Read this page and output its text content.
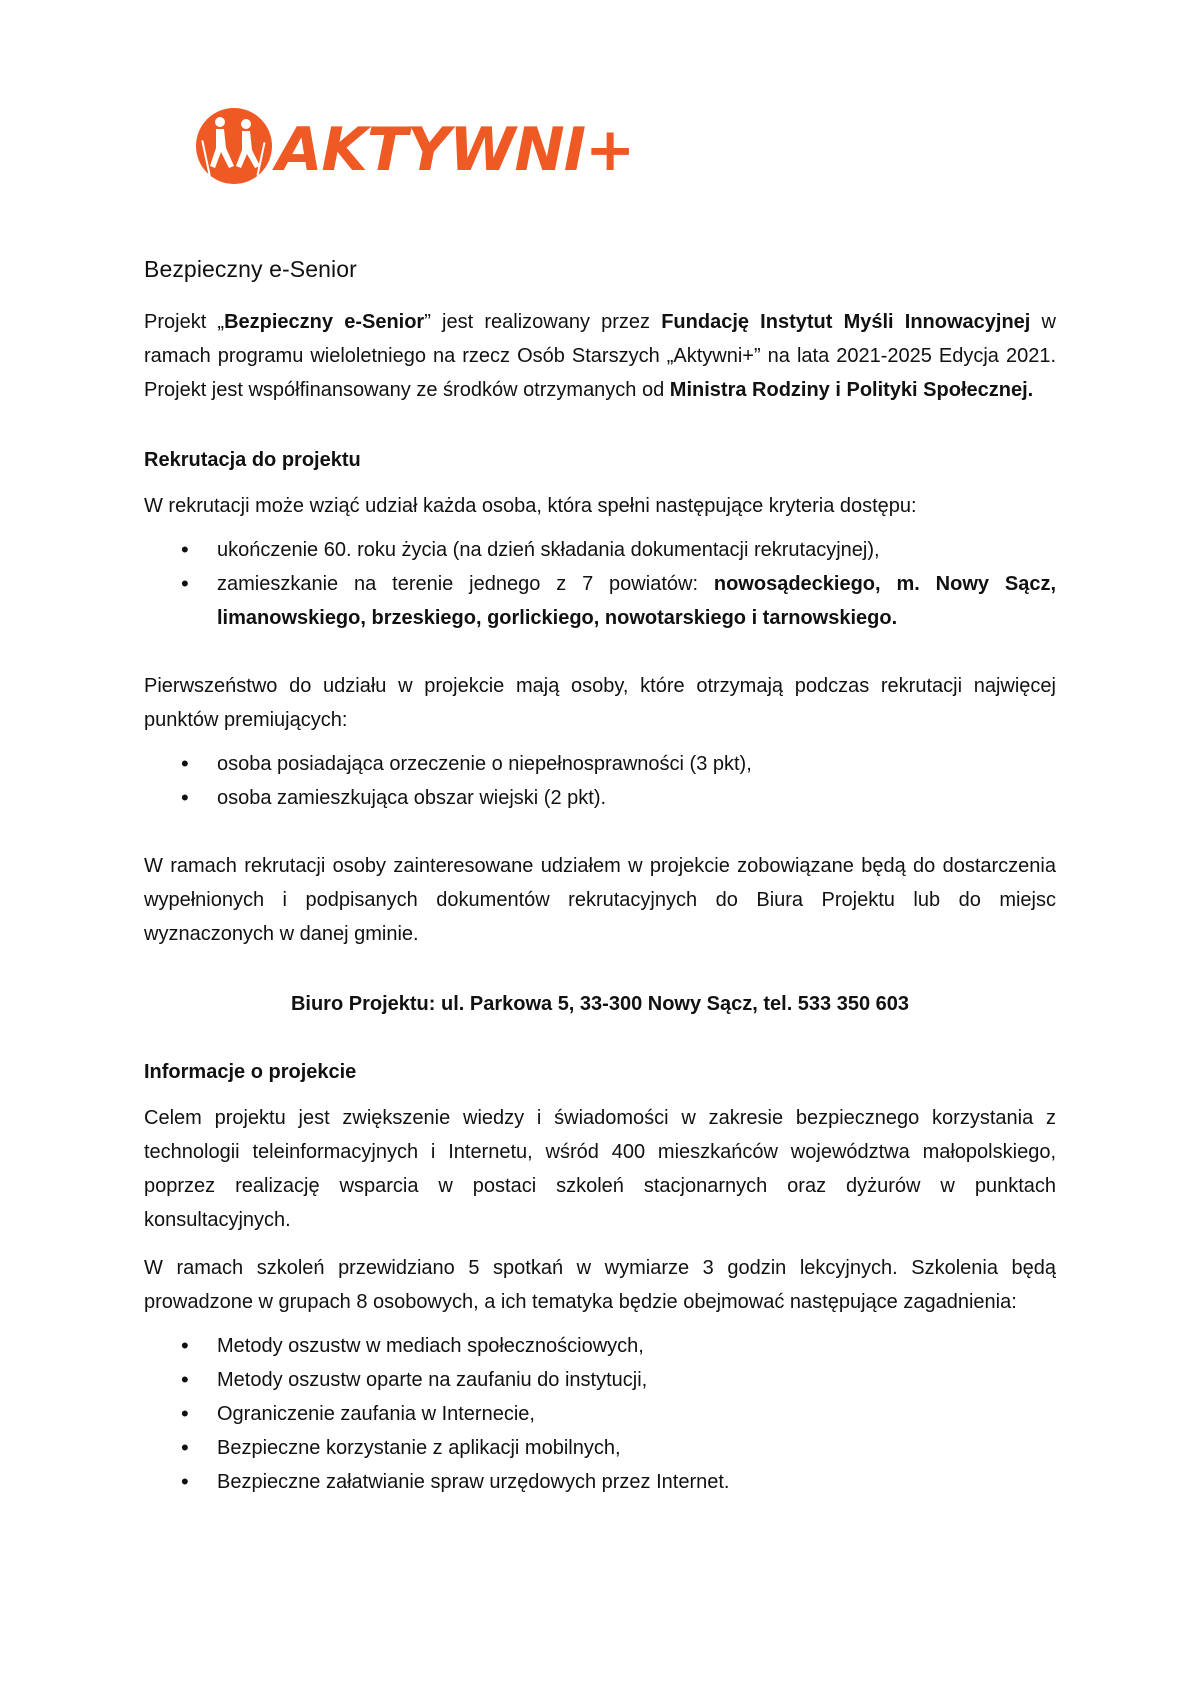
AKTYWNI+
Bezpieczny e-Senior

Projekt „Bezpieczny e-Senior” jest realizowany przez Fundację Instytut Myśli Innowacyjnej w ramach programu wieloletniego na rzecz Osób Starszych „Aktywni+” na lata 2021-2025 Edycja 2021. Projekt jest współfinansowany ze środków otrzymanych od Ministra Rodziny i Polityki Społecznej.

Rekrutacja do projektu

W rekrutacji może wziąć udział każda osoba, która spełni następujące kryteria dostępu:

• ukończenie 60. roku życia (na dzień składania dokumentacji rekrutacyjnej),
• zamieszkanie na terenie jednego z 7 powiatów: nowosądeckiego, m. Nowy Sącz, limanowskiego, brzeskiego, gorlickiego, nowotarskiego i tarnowskiego.

Pierwszeństwo do udziału w projekcie mają osoby, które otrzymają podczas rekrutacji najwięcej punktów premiujących:

• osoba posiadająca orzeczenie o niepełnosprawności (3 pkt),
• osoba zamieszkująca obszar wiejski (2 pkt).

W ramach rekrutacji osoby zainteresowane udziałem w projekcie zobowiązane będą do dostarczenia wypełnionych i podpisanych dokumentów rekrutacyjnych do Biura Projektu lub do miejsc wyznaczonych w danej gminie.

Biuro Projektu: ul. Parkowa 5, 33-300 Nowy Sącz, tel. 533 350 603
Informacje o projekcie

Celem projektu jest zwiększenie wiedzy i świadomości w zakresie bezpiecznego korzystania z technologii teleinformacyjnych i Internetu, wśród 400 mieszkańców województwa małopolskiego, poprzez realizację wsparcia w postaci szkoleń stacjonarnych oraz dyżurów w punktach konsultacyjnych.

W ramach szkoleń przewidziano 5 spotkań w wymiarze 3 godzin lekcyjnych. Szkolenia będą prowadzone w grupach 8 osobowych, a ich tematyka będzie obejmować następujące zagadnienia:

• Metody oszustw w mediach społecznościowych,
• Metody oszustw oparte na zaufaniu do instytucji,
• Ograniczenie zaufania w Internecie,
• Bezpieczne korzystanie z aplikacji mobilnych,
• Bezpieczne załatwianie spraw urzędowych przez Internet.
